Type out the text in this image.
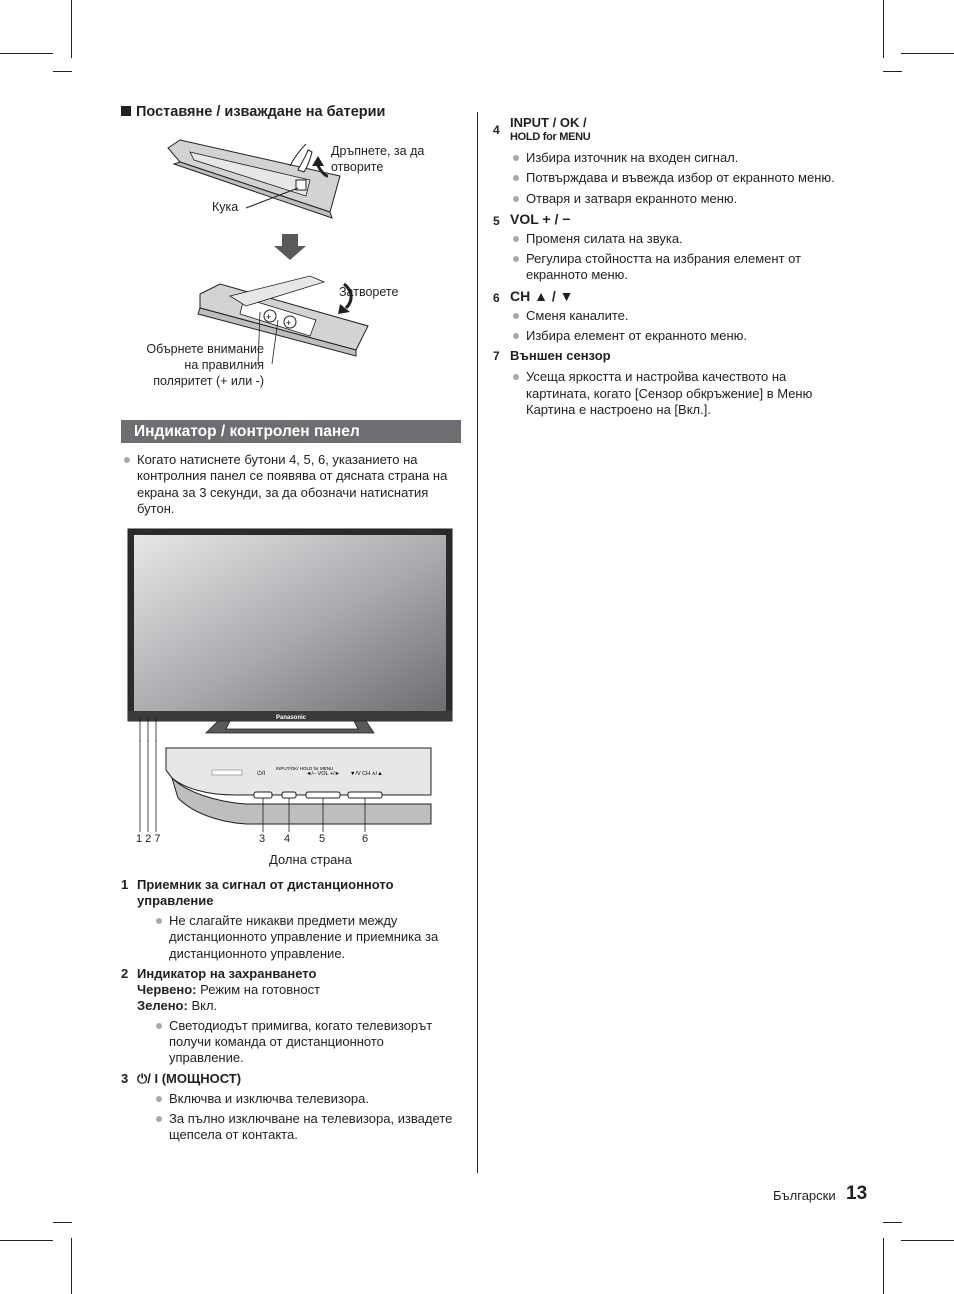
Поставяне / изваждане на батерии

+
+
Дръпнете, за да отворите
Кука
Затворете
Обърнете внимание на правилния поляритет (+ или -)
Индикатор / контролен панел

Когато натиснете бутони 4, 5, 6, указанието на контролния панел се появява от дясната страна на екрана за 3 секунди, за да обозначи натиснатия бутон.

Panasonic
⏻/I
INPUT/OK/ HOLD for MENU
◄/– VOL +/► ▼/V CH ∧/▲
1 2 7	3 4	5	6
Долна страна
1 Приемник за сигнал от дистанционното управление

Не слагайте никакви предмети между дистанционното управление и приемника за дистанционното управление.

2 Индикатор на захранването
Червено: Режим на готовност
Зелено: Вкл.

Светодиодът примигва, когато телевизорът получи команда от дистанционното управление.

3 ⏻/ I (МОЩНОСТ)

Включва и изключва телевизора.

За пълно изключване на телевизора, извадете щепсела от контакта.

4 INPUT / OK /
HOLD for MENU

Избира източник на входен сигнал.

Потвърждава и въвежда избор от екранното меню.

Отваря и затваря екранното меню.

5 VOL + / −

Променя силата на звука.

Регулира стойността на избрания елемент от екранното меню.

6 CH ▲ / ▼

Сменя каналите.

Избира елемент от екранното меню.

7 Външен сензор

Усеща яркостта и настройва качеството на картината, когато [Сензор обкръжение] в Меню Картина е настроено на [Вкл.].

Български 13
